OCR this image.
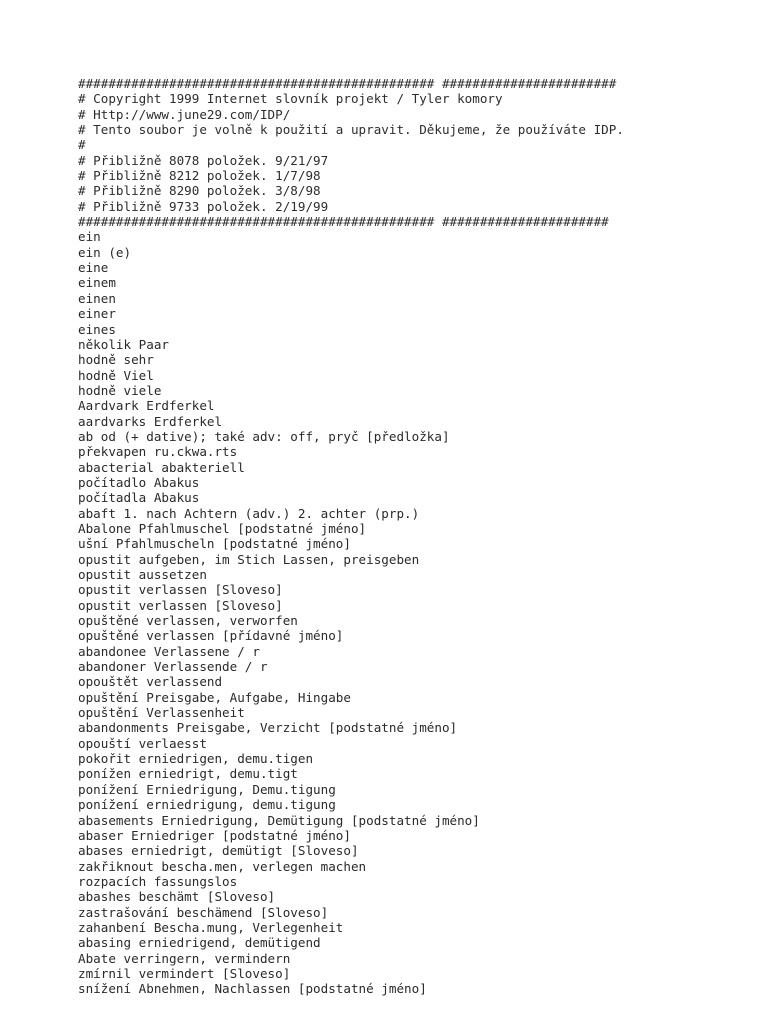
############################################### #######################
# Copyright 1999 Internet slovník projekt / Tyler komory
# Http://www.june29.com/IDP/
# Tento soubor je volně k použití a upravit. Děkujeme, že používáte IDP.
#
# Přibližně 8078 položek. 9/21/97
# Přibližně 8212 položek. 1/7/98
# Přibližně 8290 položek. 3/8/98
# Přibližně 9733 položek. 2/19/99
############################################### ######################
ein
ein (e)
eine
einem
einen
einer
eines
několik Paar
hodně sehr
hodně Viel
hodně viele
Aardvark Erdferkel
aardvarks Erdferkel
ab od (+ dative); také adv: off, pryč [předložka]
překvapen ru.ckwa.rts
abacterial abakteriell
počítadlo Abakus
počítadla Abakus
abaft 1. nach Achtern (adv.) 2. achter (prp.)
Abalone Pfahlmuschel [podstatné jméno]
ušní Pfahlmuscheln [podstatné jméno]
opustit aufgeben, im Stich Lassen, preisgeben
opustit aussetzen
opustit verlassen [Sloveso]
opustit verlassen [Sloveso]
opuštěné verlassen, verworfen
opuštěné verlassen [přídavné jméno]
abandonee Verlassene / r
abandoner Verlassende / r
opouštět verlassend
opuštění Preisgabe, Aufgabe, Hingabe
opuštění Verlassenheit
abandonments Preisgabe, Verzicht [podstatné jméno]
opouští verlaesst
pokořit erniedrigen, demu.tigen
ponížen erniedrigt, demu.tigt
ponížení Erniedrigung, Demu.tigung
ponížení erniedrigung, demu.tigung
abasements Erniedrigung, Demütigung [podstatné jméno]
abaser Erniedriger [podstatné jméno]
abases erniedrigt, demütigt [Sloveso]
zakřiknout bescha.men, verlegen machen
rozpacích fassungslos
abashes beschämt [Sloveso]
zastrašování beschämend [Sloveso]
zahanbení Bescha.mung, Verlegenheit
abasing erniedrigend, demütigend
Abate verringern, vermindern
zmírnil vermindert [Sloveso]
snížení Abnehmen, Nachlassen [podstatné jméno]
